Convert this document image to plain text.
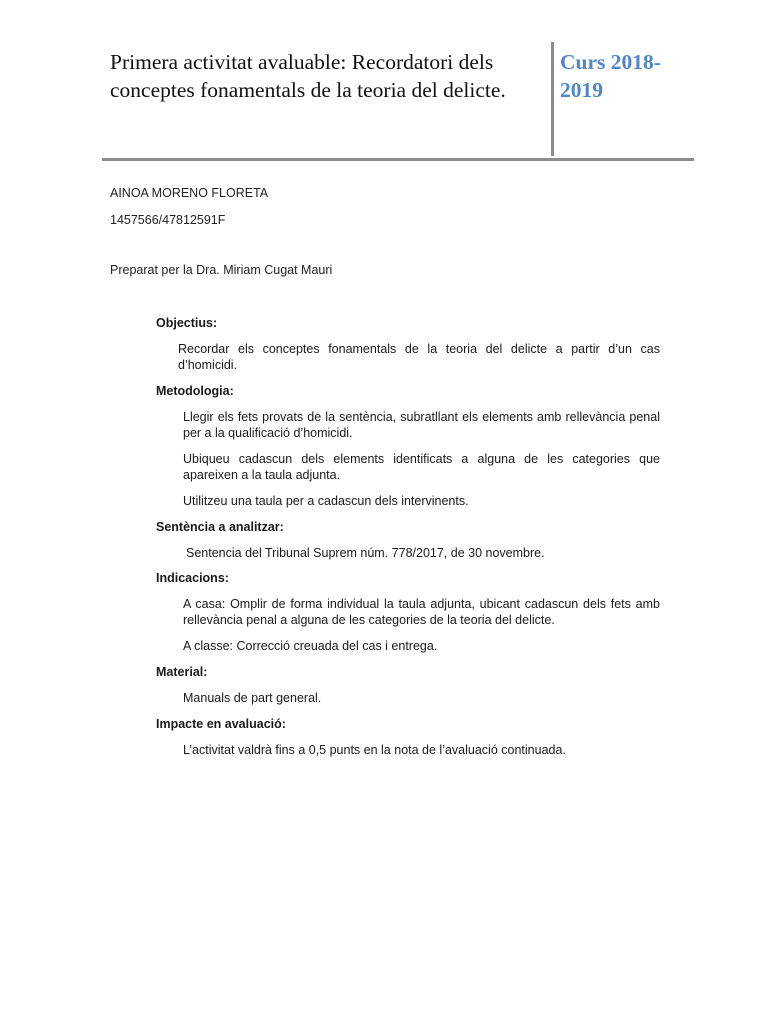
Primera activitat avaluable: Recordatori dels conceptes fonamentals de la teoria del delicte.
Curs 2018-2019
AINOA MORENO FLORETA
1457566/47812591F
Preparat per la Dra. Miriam Cugat Mauri

Objectius:

Recordar els conceptes fonamentals de la teoria del delicte a partir d’un cas d’homicidi.

Metodologia:

Llegir els fets provats de la sentència, subratllant els elements amb rellevància penal per a la qualificació d’homicidi.

Ubiqueu cadascun dels elements identificats a alguna de les categories que apareixen a la taula adjunta.

Utilitzeu una taula per a cadascun dels intervinents.

Sentència a analitzar:

Sentencia del Tribunal Suprem núm. 778/2017, de 30 novembre.

Indicacions:

A casa: Omplir de forma individual la taula adjunta, ubicant cadascun dels fets amb rellevància penal a alguna de les categories de la teoria del delicte.

A classe: Correcció creuada del cas i entrega.

Material:

Manuals de part general.

Impacte en avaluació:

L’activitat valdrà fins a 0,5 punts en la nota de l’avaluació continuada.
